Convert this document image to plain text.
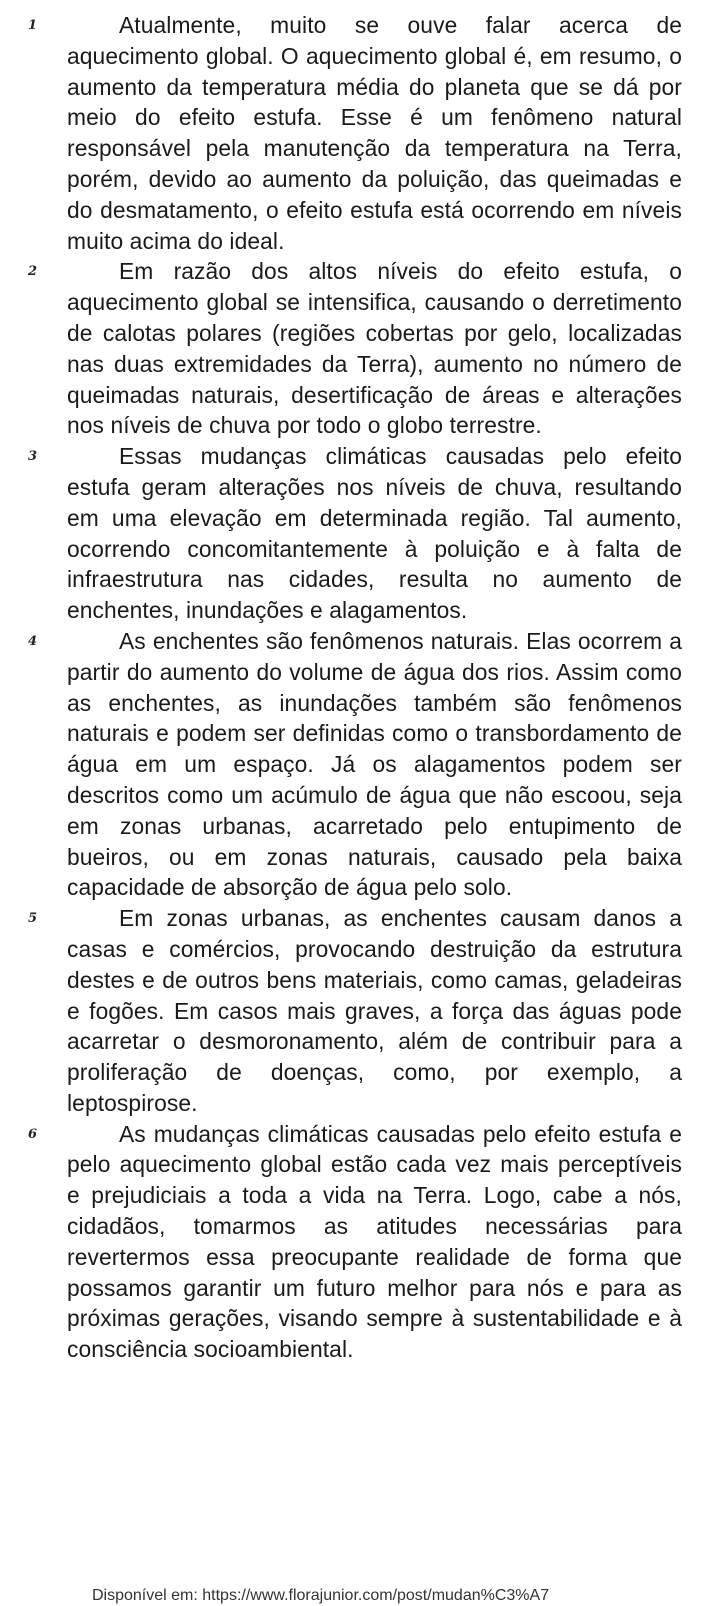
1	Atualmente, muito se ouve falar acerca de aquecimento global. O aquecimento global é, em resumo, o aumento da temperatura média do planeta que se dá por meio do efeito estufa. Esse é um fenômeno natural responsável pela manutenção da temperatura na Terra, porém, devido ao aumento da poluição, das queimadas e do desmatamento, o efeito estufa está ocorrendo em níveis muito acima do ideal.

2	Em razão dos altos níveis do efeito estufa, o aquecimento global se intensifica, causando o derretimento de calotas polares (regiões cobertas por gelo, localizadas nas duas extremidades da Terra), aumento no número de queimadas naturais, desertificação de áreas e alterações nos níveis de chuva por todo o globo terrestre.

3	Essas mudanças climáticas causadas pelo efeito estufa geram alterações nos níveis de chuva, resultando em uma elevação em determinada região. Tal aumento, ocorrendo concomitantemente à poluição e à falta de infraestrutura nas cidades, resulta no aumento de enchentes, inundações e alagamentos.

4	As enchentes são fenômenos naturais. Elas ocorrem a partir do aumento do volume de água dos rios. Assim como as enchentes, as inundações também são fenômenos naturais e podem ser definidas como o transbordamento de água em um espaço. Já os alagamentos podem ser descritos como um acúmulo de água que não escoou, seja em zonas urbanas, acarretado pelo entupimento de bueiros, ou em zonas naturais, causado pela baixa capacidade de absorção de água pelo solo.

5	Em zonas urbanas, as enchentes causam danos a casas e comércios, provocando destruição da estrutura destes e de outros bens materiais, como camas, geladeiras e fogões. Em casos mais graves, a força das águas pode acarretar o desmoronamento, além de contribuir para a proliferação de doenças, como, por exemplo, a leptospirose.

6	As mudanças climáticas causadas pelo efeito estufa e pelo aquecimento global estão cada vez mais perceptíveis e prejudiciais a toda a vida na Terra. Logo, cabe a nós, cidadãos, tomarmos as atitudes necessárias para revertermos essa preocupante realidade de forma que possamos garantir um futuro melhor para nós e para as próximas gerações, visando sempre à sustentabilidade e à consciência socioambiental.

Disponível em: https://www.florajunior.com/post/mudan%C3%A7
